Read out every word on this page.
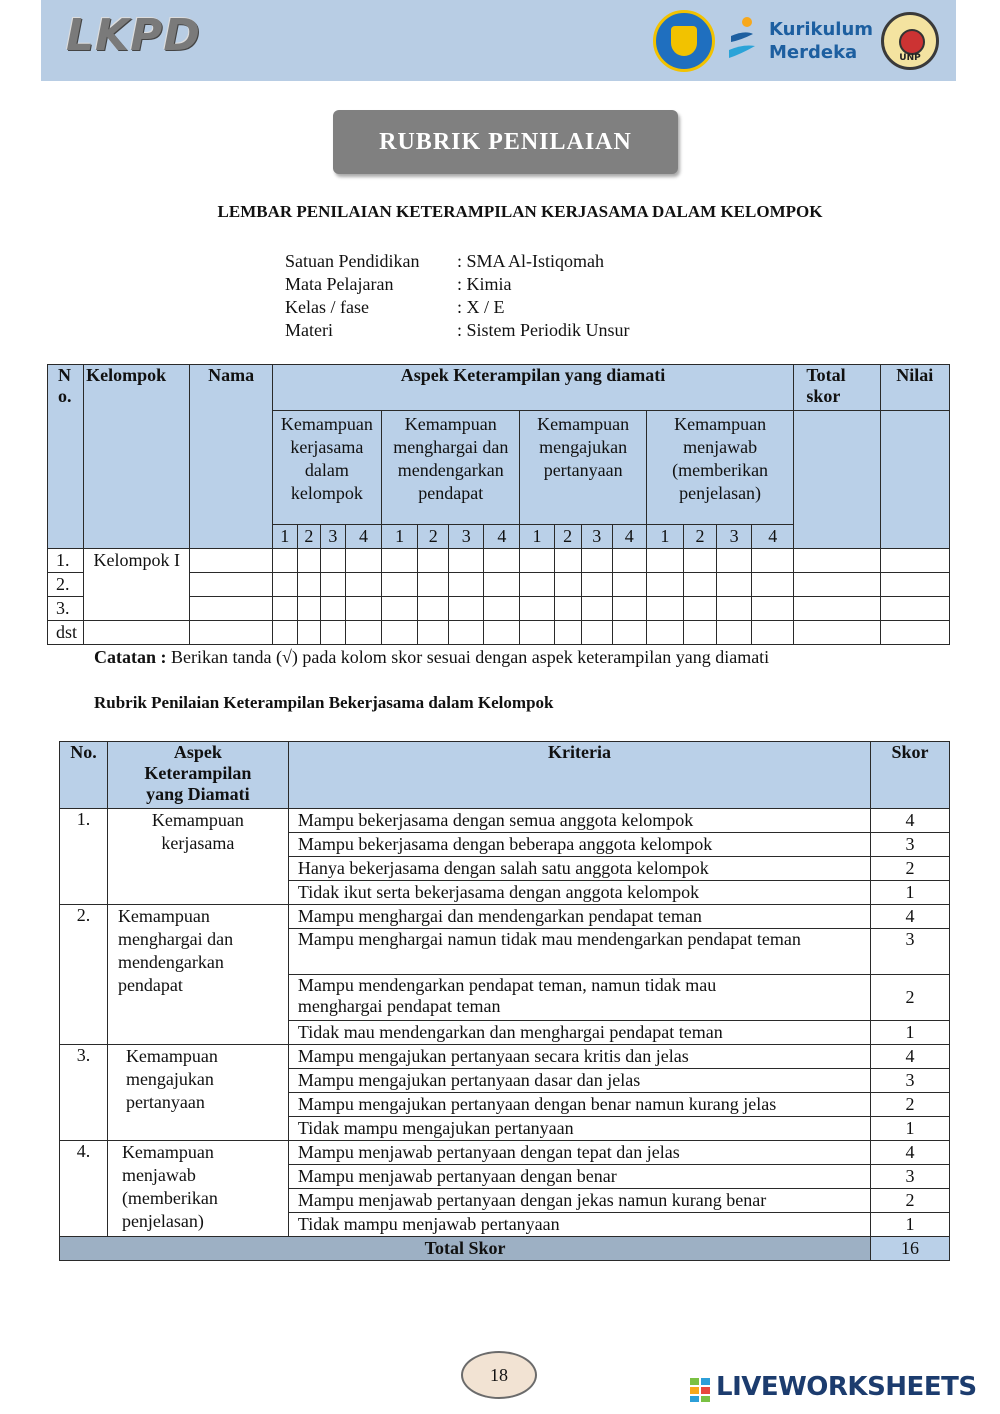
LKPD	Kurikulum
Merdeka	UNP
RUBRIK PENILAIAN
LEMBAR PENILAIAN KETERAMPILAN KERJASAMA DALAM KELOMPOK
Satuan Pendidikan	: SMA Al-Istiqomah
Mata Pelajaran	: Kimia
Kelas / fase	: X / E
Materi	: Sistem Periodik Unsur
N o.	Kelompok	Nama	Aspek Keterampilan yang diamati																Total skor	Nilai
			Kemampuan kerjasama dalam kelompok				Kemampuan menghargai dan mendengarkan pendapat				Kemampuan mengajukan pertanyaan				Kemampuan menjawab (memberikan penjelasan)					
			1	2	3	4	1	2	3	4	1	2	3	4	1	2	3	4		
1.	Kelompok I																			
2.																				
3.																				
dst																				
Catatan : Berikan tanda (√) pada kolom skor sesuai dengan aspek keterampilan yang diamati
Rubrik Penilaian Keterampilan Bekerjasama dalam Kelompok
No.	Aspek Keterampilan yang Diamati	Kriteria	Skor
1.	Kemampuan kerjasama	Mampu bekerjasama dengan semua anggota kelompok	4
		Mampu bekerjasama dengan beberapa anggota kelompok	3
		Hanya bekerjasama dengan salah satu anggota kelompok	2
		Tidak ikut serta bekerjasama dengan anggota kelompok	1
2.	Kemampuan menghargai dan mendengarkan pendapat	Mampu menghargai dan mendengarkan pendapat teman	4
		Mampu menghargai namun tidak mau mendengarkan pendapat teman	3
		Mampu mendengarkan pendapat teman, namun tidak mau menghargai pendapat teman	2
		Tidak mau mendengarkan dan menghargai pendapat teman	1
3.	Kemampuan mengajukan pertanyaan	Mampu mengajukan pertanyaan secara kritis dan jelas	4
		Mampu mengajukan pertanyaan dasar dan jelas	3
		Mampu mengajukan pertanyaan dengan benar namun kurang jelas	2
		Tidak mampu mengajukan pertanyaan	1
4.	Kemampuan menjawab (memberikan penjelasan)	Mampu menjawab pertanyaan dengan tepat dan jelas	4
		Mampu menjawab pertanyaan dengan benar	3
		Mampu menjawab pertanyaan dengan jekas namun kurang benar	2
		Tidak mampu menjawab pertanyaan	1
Total Skor			16
18	LIVEWORKSHEETS
